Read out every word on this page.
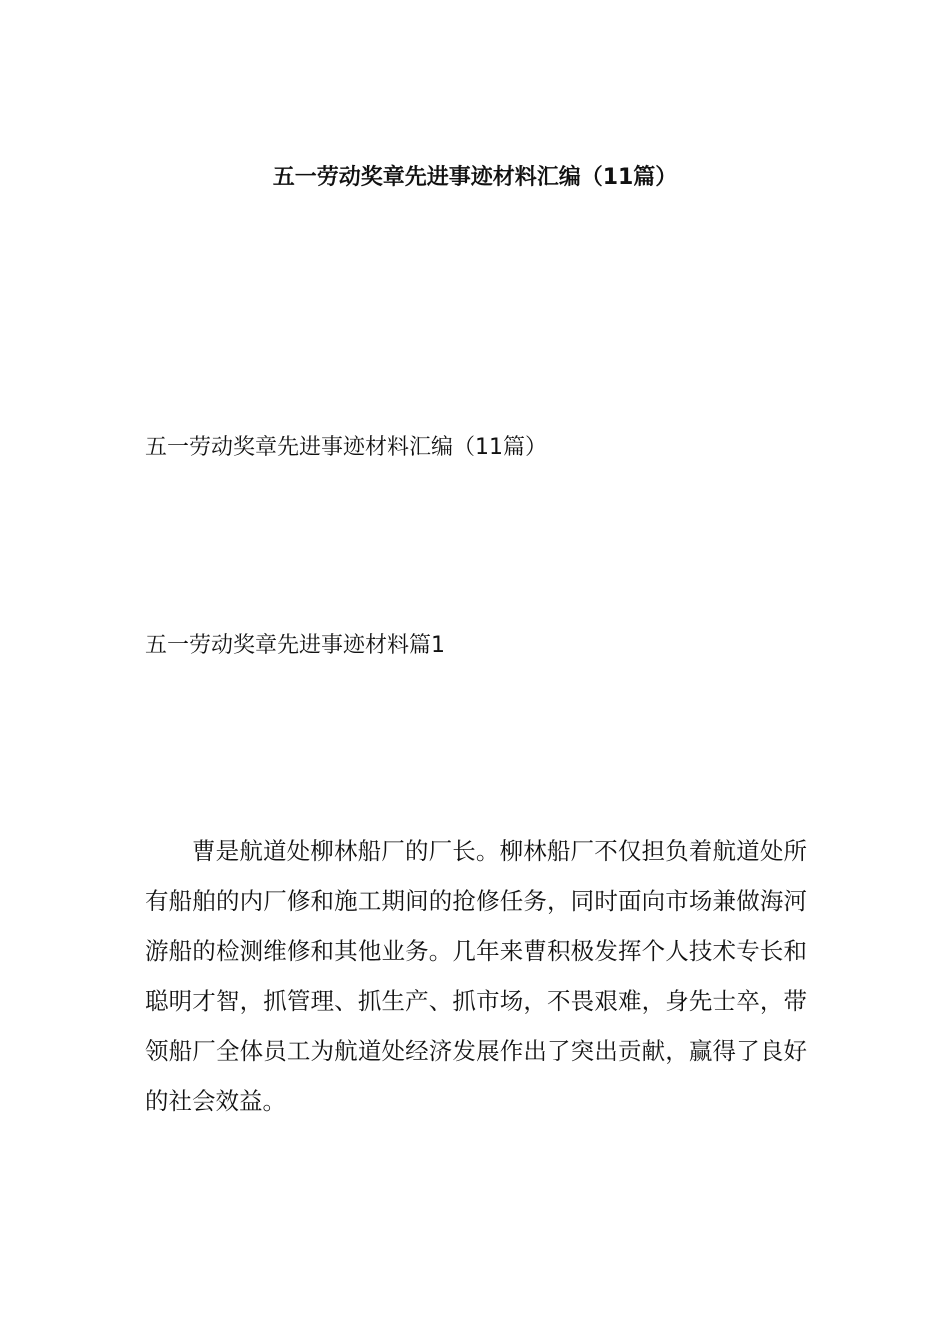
五一劳动奖章先进事迹材料汇编（11篇）
五一劳动奖章先进事迹材料汇编（11篇）
五一劳动奖章先进事迹材料篇1

曹是航道处柳林船厂的厂长。柳林船厂不仅担负着航道处所有船舶的内厂修和施工期间的抢修任务，同时面向市场兼做海河游船的检测维修和其他业务。几年来曹积极发挥个人技术专长和聪明才智，抓管理、抓生产、抓市场，不畏艰难，身先士卒，带领船厂全体员工为航道处经济发展作出了突出贡献，赢得了良好的社会效益。
